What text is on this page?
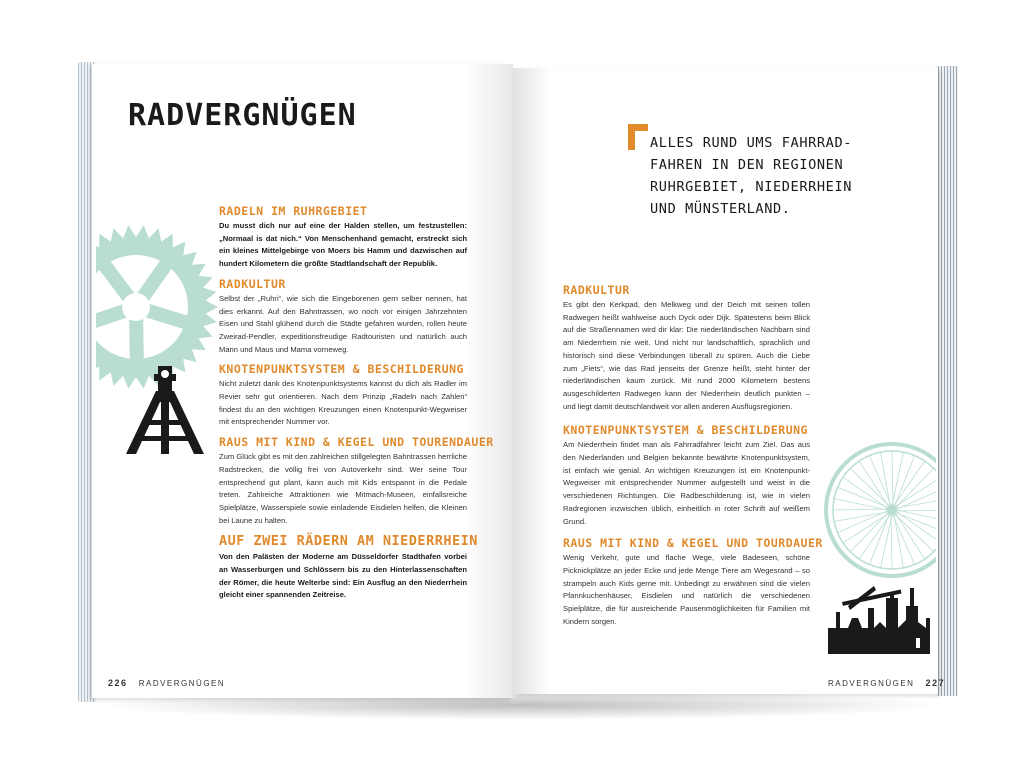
RADVERGNÜGEN
RADELN IM RUHRGEBIET

Du musst dich nur auf eine der Halden stellen, um festzustellen: „Normaal is dat nich.“ Von Menschenhand gemacht, erstreckt sich ein kleines Mittelgebirge von Moers bis Hamm und dazwischen auf hundert Kilometern die größte Stadtlandschaft der Republik.

RADKULTUR

Selbst der „Ruhri“, wie sich die Eingeborenen gern selber nennen, hat dies erkannt. Auf den Bahntrassen, wo noch vor einigen Jahrzehnten Eisen und Stahl glühend durch die Städte gefahren wurden, rollen heute Zweirad-Pendler, expeditionsfreudige Radtouristen und natürlich auch Mann und Maus und Mama vorneweg.

KNOTENPUNKTSYSTEM & BESCHILDERUNG

Nicht zuletzt dank des Knotenpunktsystems kannst du dich als Radler im Revier sehr gut orientieren. Nach dem Prinzip „Radeln nach Zahlen“ findest du an den wichtigen Kreuzungen einen Knotenpunkt-Wegweiser mit entsprechender Nummer vor.

RAUS MIT KIND & KEGEL UND TOURENDAUER

Zum Glück gibt es mit den zahlreichen stillgelegten Bahntrassen herrliche Radstrecken, die völlig frei von Autoverkehr sind. Wer seine Tour entsprechend gut plant, kann auch mit Kids entspannt in die Pedale treten. Zahlreiche Attraktionen wie Mitmach-Museen, einfallsreiche Spielplätze, Wasserspiele sowie einladende Eisdielen helfen, die Kleinen bei Laune zu halten.

AUF ZWEI RÄDERN AM NIEDERRHEIN

Von den Palästen der Moderne am Düsseldorfer Stadthafen vorbei an Wasserburgen und Schlössern bis zu den Hinterlassenschaften der Römer, die heute Welterbe sind: Ein Ausflug an den Niederrhein gleicht einer spannenden Zeitreise.

226 RADVERGNÜGEN
ALLES RUND UMS FAHRRAD-
FAHREN IN DEN REGIONEN
RUHRGEBIET, NIEDERRHEIN
UND MÜNSTERLAND.
RADKULTUR

Es gibt den Kerkpad, den Melkweg und der Deich mit seinen tollen Radwegen heißt wahlweise auch Dyck oder Dijk. Spätestens beim Blick auf die Straßennamen wird dir klar: Die niederländischen Nachbarn sind am Niederrhein nie weit. Und nicht nur landschaftlich, sprachlich und historisch sind diese Verbindungen überall zu spüren. Auch die Liebe zum „Fiets“, wie das Rad jenseits der Grenze heißt, steht hinter der niederländischen kaum zurück. Mit rund 2000 Kilometern bestens ausgeschilderten Radwegen kann der Niederrhein deutlich punkten – und liegt damit deutschlandweit vor allen anderen Ausflugsregionen.

KNOTENPUNKTSYSTEM & BESCHILDERUNG

Am Niederrhein findet man als Fahrradfahrer leicht zum Ziel. Das aus den Niederlanden und Belgien bekannte bewährte Knotenpunktsystem, ist einfach wie genial. An wichtigen Kreuzungen ist ein Knotenpunkt-Wegweiser mit entsprechender Nummer aufgestellt und weist in die verschiedenen Richtungen. Die Radbeschilderung ist, wie in vielen Radregionen inzwischen üblich, einheitlich in roter Schrift auf weißem Grund.

RAUS MIT KIND & KEGEL UND TOURDAUER

Wenig Verkehr, gute und flache Wege, viele Badeseen, schöne Picknickplätze an jeder Ecke und jede Menge Tiere am Wegesrand – so strampeln auch Kids gerne mit. Unbedingt zu erwähnen sind die vielen Pfannkuchenhäuser, Eisdielen und natürlich die verschiedenen Spielplätze, die für ausreichende Pausenmöglichkeiten für Familien mit Kindern sorgen.

RADVERGNÜGEN 227
